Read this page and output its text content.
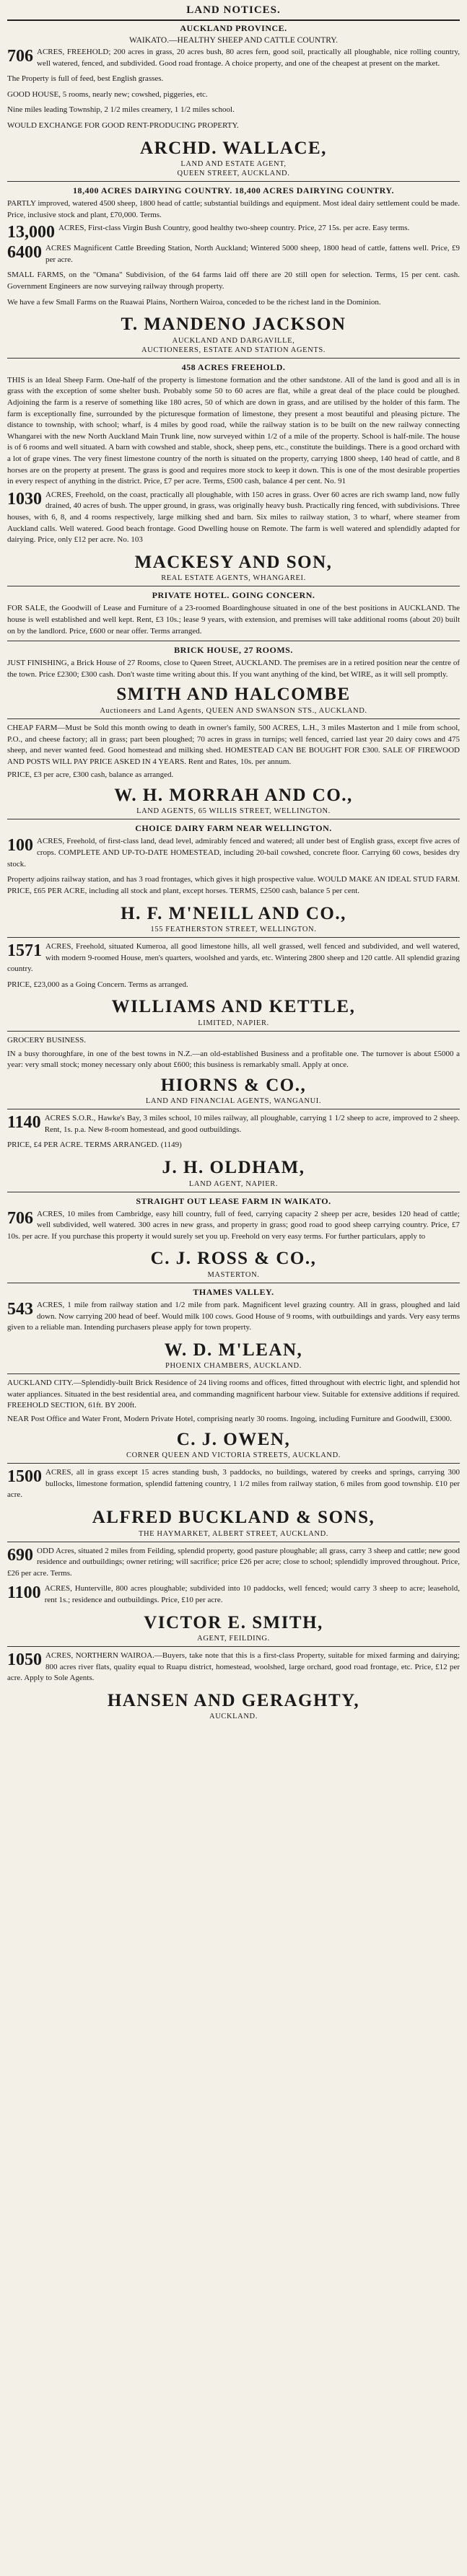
LAND NOTICES.
AUCKLAND PROVINCE.
WAIKATO.—HEALTHY SHEEP AND CATTLE COUNTRY.

706 ACRES, FREEHOLD; 200 acres in grass, 20 acres bush, 80 acres fern, good soil, practically all ploughable, nice rolling country, well watered, fenced, and subdivided. Good road frontage. A choice property, and one of the cheapest at present on the market.

The Property is full of feed, best English grasses.

GOOD HOUSE, 5 rooms, nearly new; cowshed, piggeries, etc.

Nine miles leading Township, 2 1/2 miles creamery, 1 1/2 miles school.

WOULD EXCHANGE FOR GOOD RENT-PRODUCING PROPERTY.

ARCHD. WALLACE,
LAND AND ESTATE AGENT,
QUEEN STREET, AUCKLAND.
18,400 ACRES DAIRYING COUNTRY. 18,400 ACRES DAIRYING COUNTRY.

PARTLY improved, watered 4500 sheep, 1800 head of cattle; substantial buildings and equipment. Most ideal dairy settlement could be made. Price, inclusive stock and plant, £70,000. Terms.

13,000 ACRES, First-class Virgin Bush Country, good healthy two-sheep country. Price, 27 15s. per acre. Easy terms.

6400 ACRES Magnificent Cattle Breeding Station, North Auckland; Wintered 5000 sheep, 1800 head of cattle, fattens well. Price, £9 per acre.

SMALL FARMS, on the "Omana" Subdivision, of the 64 farms laid off there are 20 still open for selection. Terms, 15 per cent. cash. Government Engineers are now surveying railway through property.

We have a few Small Farms on the Ruawai Plains, Northern Wairoa, conceded to be the richest land in the Dominion.

T. MANDENO JACKSON
AUCKLAND AND DARGAVILLE,
AUCTIONEERS, ESTATE AND STATION AGENTS.
458 ACRES FREEHOLD.

THIS is an Ideal Sheep Farm. One-half of the property is limestone formation and the other sandstone. All of the land is good and all is in grass with the exception of some shelter bush. Probably some 50 to 60 acres are flat, while a great deal of the place could be ploughed. Adjoining the farm is a reserve of something like 180 acres, 50 of which are down in grass, and are utilised by the holder of this farm. The farm is exceptionally fine, surrounded by the picturesque formation of limestone, they present a most beautiful and pleasing picture. The distance to township, with school; wharf, is 4 miles by good road, while the railway station is to be built on the new railway connecting Whangarei with the new North Auckland Main Trunk line, now surveyed within 1/2 of a mile of the property. School is half-mile. The house is of 6 rooms and well situated. A barn with cowshed and stable, shock, sheep pens, etc., constitute the buildings. There is a good orchard with a lot of grape vines. The very finest limestone country of the north is situated on the property, carrying 1800 sheep, 140 head of cattle, and 8 horses are on the property at present. The grass is good and requires more stock to keep it down. This is one of the most desirable properties in every respect of anything in the district. Price, £7 per acre. Terms, £500 cash, balance 4 per cent. No. 91

1030 ACRES, Freehold, on the coast, practically all ploughable, with 150 acres in grass. Over 60 acres are rich swamp land, now fully drained, 40 acres of bush. The upper ground, in grass, was originally heavy bush. Practically ring fenced, with subdivisions. Three houses, with 6, 8, and 4 rooms respectively, large milking shed and barn. Six miles to railway station, 3 to wharf, where steamer from Auckland calls. Well watered. Good beach frontage. Good Dwelling house on Remote. The farm is well watered and splendidly adapted for dairying. Price, only £12 per acre. No. 103

MACKESY AND SON,
REAL ESTATE AGENTS, WHANGAREI.
PRIVATE HOTEL. GOING CONCERN.

FOR SALE, the Goodwill of Lease and Furniture of a 23-roomed Boardinghouse situated in one of the best positions in AUCKLAND. The house is well established and well kept. Rent, £3 10s.; lease 9 years, with extension, and premises will take additional rooms (about 20) built on by the landlord. Price, £600 or near offer. Terms arranged.

BRICK HOUSE, 27 ROOMS.

JUST FINISHING, a Brick House of 27 Rooms, close to Queen Street, AUCKLAND. The premises are in a retired position near the centre of the town. Price £2300; £300 cash. Don't waste time writing about this. If you want anything of the kind, bet WIRE, as it will sell promptly.

SMITH AND HALCOMBE
Auctioneers and Land Agents, QUEEN AND SWANSON STS., AUCKLAND.

CHEAP FARM—Must be Sold this month owing to death in owner's family, 500 ACRES, L.H., 3 miles Masterton and 1 mile from school, P.O., and cheese factory; all in grass; part been ploughed; 70 acres in grass in turnips; well fenced, carried last year 20 dairy cows and 475 sheep, and never wanted feed. Good homestead and milking shed. HOMESTEAD CAN BE BOUGHT FOR £300. SALE OF FIREWOOD AND POSTS WILL PAY PRICE ASKED IN 4 YEARS. Rent and Rates, 10s. per annum.

PRICE, £3 per acre, £300 cash, balance as arranged.

W. H. MORRAH AND CO.,
LAND AGENTS, 65 WILLIS STREET, WELLINGTON.
CHOICE DAIRY FARM NEAR WELLINGTON.

100 ACRES, Freehold, of first-class land, dead level, admirably fenced and watered; all under best of English grass, except five acres of crops. COMPLETE AND UP-TO-DATE HOMESTEAD, including 20-bail cowshed, concrete floor. Carrying 60 cows, besides dry stock.

Property adjoins railway station, and has 3 road frontages, which gives it high prospective value. WOULD MAKE AN IDEAL STUD FARM. PRICE, £65 PER ACRE, including all stock and plant, except horses. TERMS, £2500 cash, balance 5 per cent.

H. F. M'NEILL AND CO.,
155 FEATHERSTON STREET, WELLINGTON.

1571 ACRES, Freehold, situated Kumeroa, all good limestone hills, all well grassed, well fenced and subdivided, and well watered, with modern 9-roomed House, men's quarters, woolshed and yards, etc. Wintering 2800 sheep and 120 cattle. All splendid grazing country.

PRICE, £23,000 as a Going Concern. Terms as arranged.

WILLIAMS AND KETTLE,
LIMITED, NAPIER.

GROCERY BUSINESS.

IN a busy thoroughfare, in one of the best towns in N.Z.—an old-established Business and a profitable one. The turnover is about £5000 a year: very small stock; money necessary only about £600; this business is remarkably small. Apply at once.

HIORNS & CO.,
LAND AND FINANCIAL AGENTS, WANGANUI.

1140 ACRES S.O.R., Hawke's Bay, 3 miles school, 10 miles railway, all ploughable, carrying 1 1/2 sheep to acre, improved to 2 sheep. Rent, 1s. p.a. New 8-room homestead, and good outbuildings.

PRICE, £4 PER ACRE. TERMS ARRANGED. (1149)

J. H. OLDHAM,
LAND AGENT, NAPIER.
STRAIGHT OUT LEASE FARM IN WAIKATO.

706 ACRES, 10 miles from Cambridge, easy hill country, full of feed, carrying capacity 2 sheep per acre, besides 120 head of cattle; well subdivided, well watered. 300 acres in new grass, and property in grass; good road to good sheep carrying country. Price, £7 10s. per acre. If you purchase this property it would surely set you up. Freehold on very easy terms. For further particulars, apply to

C. J. ROSS & CO.,
MASTERTON.
THAMES VALLEY.

543 ACRES, 1 mile from railway station and 1/2 mile from park. Magnificent level grazing country. All in grass, ploughed and laid down. Now carrying 200 head of beef. Would milk 100 cows. Good House of 9 rooms, with outbuildings and yards. Very easy terms given to a reliable man. Intending purchasers please apply for town property.

W. D. M'LEAN,
PHOENIX CHAMBERS, AUCKLAND.

AUCKLAND CITY.—Splendidly-built Brick Residence of 24 living rooms and offices, fitted throughout with electric light, and splendid hot water appliances. Situated in the best residential area, and commanding magnificent harbour view. Suitable for extensive additions if required. FREEHOLD SECTION, 61ft. BY 200ft.

NEAR Post Office and Water Front, Modern Private Hotel, comprising nearly 30 rooms. Ingoing, including Furniture and Goodwill, £3000.

C. J. OWEN,
CORNER QUEEN AND VICTORIA STREETS, AUCKLAND.

1500 ACRES, all in grass except 15 acres standing bush, 3 paddocks, no buildings, watered by creeks and springs, carrying 300 bullocks, limestone formation, splendid fattening country, 1 1/2 miles from railway station, 6 miles from good township. £10 per acre.

ALFRED BUCKLAND & SONS,
THE HAYMARKET, ALBERT STREET, AUCKLAND.

690 ODD Acres, situated 2 miles from Feilding, splendid property, good pasture ploughable; all grass, carry 3 sheep and cattle; new good residence and outbuildings; owner retiring; will sacrifice; price £26 per acre; close to school; splendidly improved throughout. Price, £26 per acre. Terms.

1100 ACRES, Hunterville, 800 acres ploughable; subdivided into 10 paddocks, well fenced; would carry 3 sheep to acre; leasehold, rent 1s.; residence and outbuildings. Price, £10 per acre.

VICTOR E. SMITH,
AGENT, FEILDING.

1050 ACRES, NORTHERN WAIROA.—Buyers, take note that this is a first-class Property, suitable for mixed farming and dairying; 800 acres river flats, quality equal to Ruapu district, homestead, woolshed, large orchard, good road frontage, etc. Price, £12 per acre. Apply to Sole Agents.

HANSEN AND GERAGHTY,
AUCKLAND.
